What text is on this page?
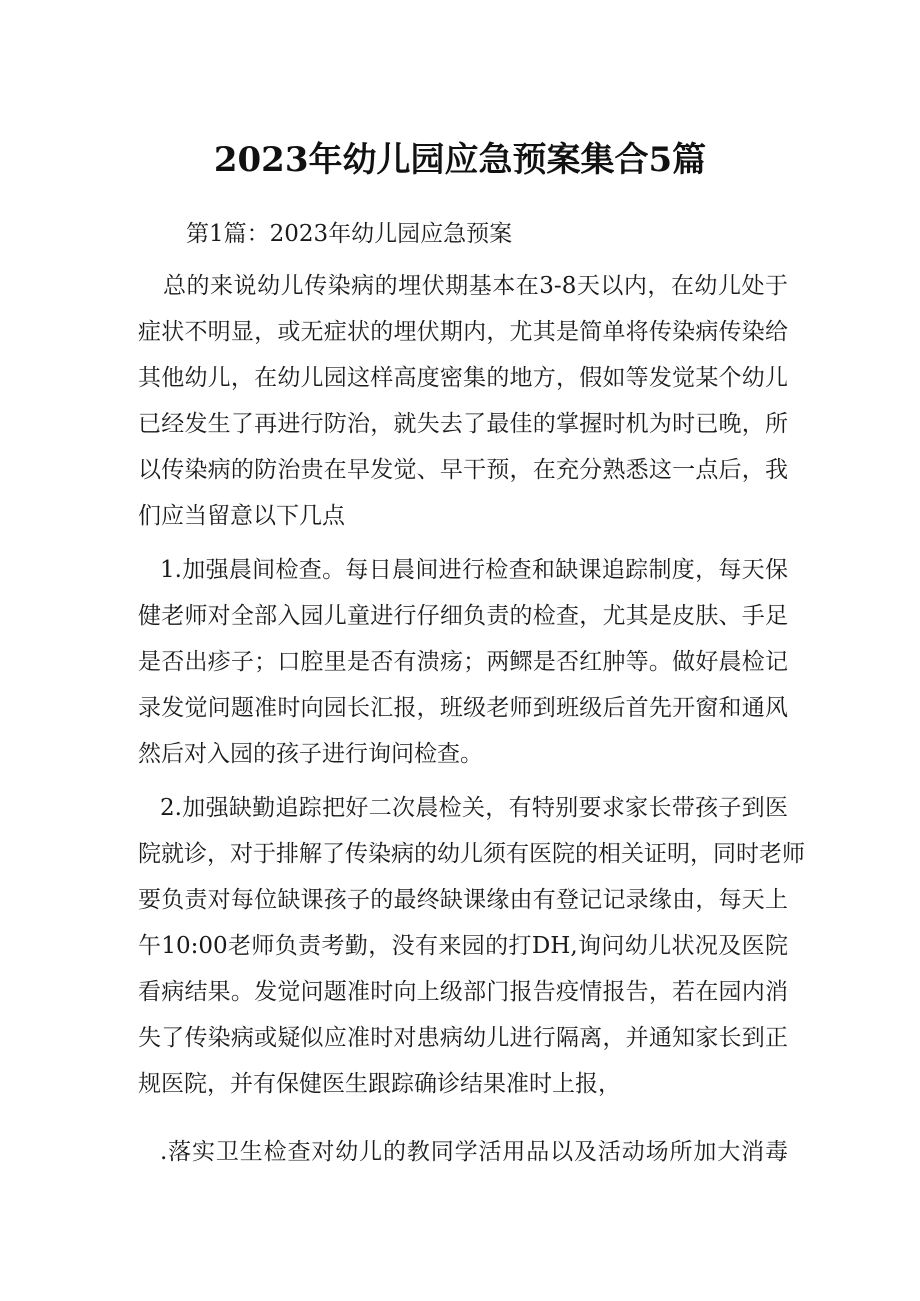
2023年幼儿园应急预案集合5篇
第1篇：2023年幼儿园应急预案
总的来说幼儿传染病的埋伏期基本在3-8天以内，在幼儿处于
症状不明显，或无症状的埋伏期内，尤其是简单将传染病传染给
其他幼儿，在幼儿园这样高度密集的地方，假如等发觉某个幼儿
已经发生了再进行防治，就失去了最佳的掌握时机为时已晚，所
以传染病的防治贵在早发觉、早干预，在充分熟悉这一点后，我
们应当留意以下几点
1.加强晨间检查。每日晨间进行检查和缺课追踪制度，每天保
健老师对全部入园儿童进行仔细负责的检查，尤其是皮肤、手足
是否出疹子；口腔里是否有溃疡；两鳏是否红肿等。做好晨检记
录发觉问题准时向园长汇报，班级老师到班级后首先开窗和通风
然后对入园的孩子进行询问检查。
2.加强缺勤追踪把好二次晨检关，有特别要求家长带孩子到医
院就诊，对于排解了传染病的幼儿须有医院的相关证明，同时老师
要负责对每位缺课孩子的最终缺课缘由有登记记录缘由，每天上
午10:00老师负责考勤，没有来园的打DH,询问幼儿状况及医院
看病结果。发觉问题准时向上级部门报告疫情报告，若在园内消
失了传染病或疑似应准时对患病幼儿进行隔离，并通知家长到正
规医院，并有保健医生跟踪确诊结果准时上报，
.落实卫生检查对幼儿的教同学活用品以及活动场所加大消毒
